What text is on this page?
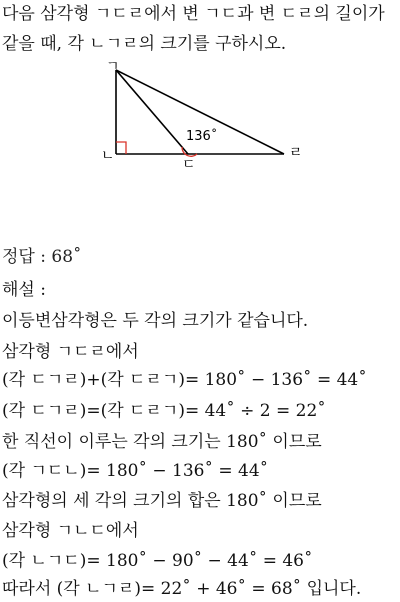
다음 삼각형 ㄱㄷㄹ에서 변 ㄱㄷ과 변 ㄷㄹ의 길이가

같을 때, 각 ㄴㄱㄹ의 크기를 구하시오.

ㄱ
ㄴ
ㄷ
ㄹ
136˚

정답 : 68˚

해설 :

이등변삼각형은 두 각의 크기가 같습니다.

삼각형 ㄱㄷㄹ에서

(각 ㄷㄱㄹ)+(각 ㄷㄹㄱ)= 180˚ − 136˚ = 44˚

(각 ㄷㄱㄹ)=(각 ㄷㄹㄱ)= 44˚ ÷ 2 = 22˚

한 직선이 이루는 각의 크기는 180˚ 이므로

(각 ㄱㄷㄴ)= 180˚ − 136˚ = 44˚

삼각형의 세 각의 크기의 합은 180˚ 이므로

삼각형 ㄱㄴㄷ에서

(각 ㄴㄱㄷ)= 180˚ − 90˚ − 44˚ = 46˚

따라서 (각 ㄴㄱㄹ)= 22˚ + 46˚ = 68˚ 입니다.
